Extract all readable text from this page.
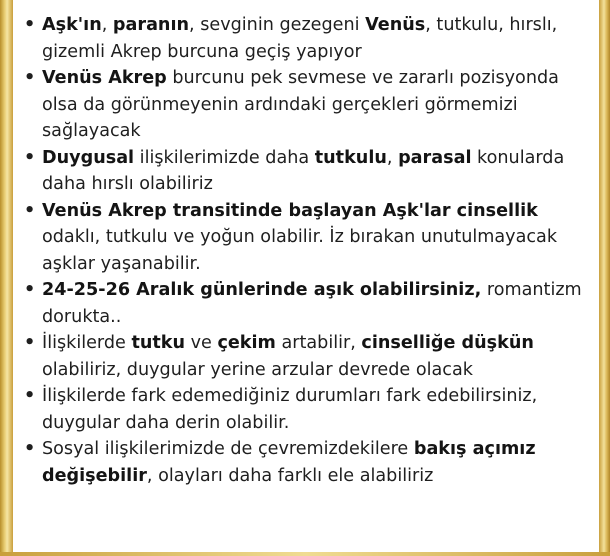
• Aşk'ın, paranın, sevginin gezegeni Venüs, tutkulu, hırslı, gizemli Akrep burcuna geçiş yapıyor
• Venüs Akrep burcunu pek sevmese ve zararlı pozisyonda olsa da görünmeyenin ardındaki gerçekleri görmemizi sağlayacak
• Duygusal ilişkilerimizde daha tutkulu, parasal konularda daha hırslı olabiliriz
• Venüs Akrep transitinde başlayan Aşk'lar cinsellik odaklı, tutkulu ve yoğun olabilir. İz bırakan unutulmayacak aşklar yaşanabilir.
• 24-25-26 Aralık günlerinde aşık olabilirsiniz, romantizm dorukta..
• İlişkilerde tutku ve çekim artabilir, cinselliğe düşkün olabiliriz, duygular yerine arzular devrede olacak
• İlişkilerde fark edemediğiniz durumları fark edebilirsiniz, duygular daha derin olabilir.
• Sosyal ilişkilerimizde de çevremizdekilere bakış açımız değişebilir, olayları daha farklı ele alabiliriz
